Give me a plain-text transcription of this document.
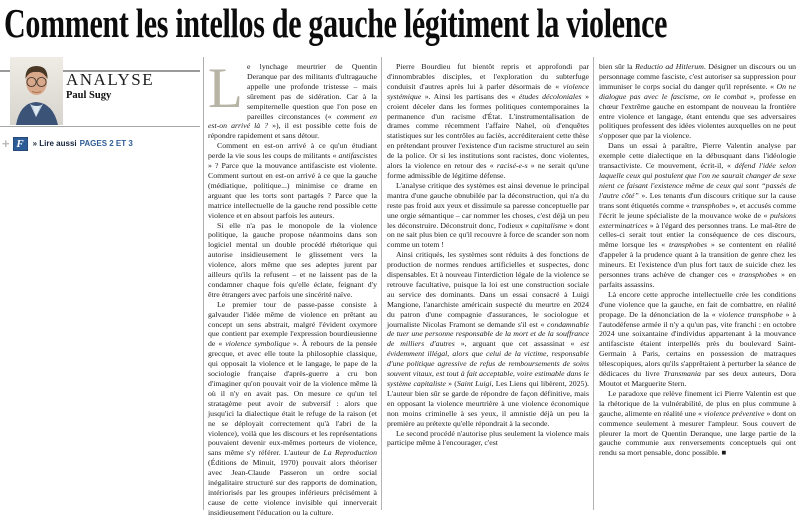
Comment les intellos de gauche légitiment la violence
ANALYSE
Paul Sugy
+ F	» Lire aussi PAGES 2 ET 3

Le lynchage meurtrier de Quentin Deranque par des militants d'ultragauche appelle une profonde tristesse – mais sûrement pas de sidération. Car à la sempiternelle question que l'on pose en pareilles circonstances (« comment en est-on arrivé là ? »), il est possible cette fois de répondre rapidement et sans détour.

Comment en est-on arrivé à ce qu'un étudiant perde la vie sous les coups de militants « antifascistes » ? Parce que la mouvance antifasciste est violente. Comment surtout en est-on arrivé à ce que la gauche (médiatique, politique...) minimise ce drame en arguant que les torts sont partagés ? Parce que la matrice intellectuelle de la gauche rend possible cette violence et en absout parfois les auteurs.

Si elle n'a pas le monopole de la violence politique, la gauche propose néanmoins dans son logiciel mental un double procédé rhétorique qui autorise insidieusement le glissement vers la violence, alors même que ses adeptes jurent par ailleurs qu'ils la refusent – et ne laissent pas de la condamner chaque fois qu'elle éclate, feignant d'y être étrangers avec parfois une sincérité naïve.

Le premier tour de passe-passe consiste à galvauder l'idée même de violence en prêtant au concept un sens abstrait, malgré l'évident oxymore que contient par exemple l'expression bourdieusienne de « violence symbolique ». À rebours de la pensée grecque, et avec elle toute la philosophie classique, qui opposait la violence et le langage, le pape de la sociologie française d'après-guerre a cru bon d'imaginer qu'on pouvait voir de la violence même là où il n'y en avait pas. On mesure ce qu'un tel stratagème peut avoir de subversif : alors que jusqu'ici la dialectique était le refuge de la raison (et ne se déployait correctement qu'à l'abri de la violence), voilà que les discours et les représentations pouvaient devenir eux-mêmes porteurs de violence, sans même s'y référer. L'auteur de La Reproduction (Éditions de Minuit, 1970) pouvait alors théoriser avec Jean-Claude Passeron un ordre social inégalitaire structuré sur des rapports de domination, intériorisés par les groupes inférieurs précisément à cause de cette violence invisible qui innerverait insidieusement l'éducation ou la culture.

Pierre Bourdieu fut bientôt repris et approfondi par d'innombrables disciples, et l'exploration du subterfuge conduisit d'autres après lui à parler désormais de « violence systémique ». Ainsi les partisans des « études décoloniales » croient déceler dans les formes politiques contemporaines la permanence d'un racisme d'État. L'instrumentalisation de drames comme récemment l'affaire Nahel, où d'enquêtes statistiques sur les contrôles au faciès, accréditeraient cette thèse en prétendant prouver l'existence d'un racisme structurel au sein de la police. Or si les institutions sont racistes, donc violentes, alors la violence en retour des « racisé-e-s » ne serait qu'une forme admissible de légitime défense.

L'analyse critique des systèmes est ainsi devenue le principal mantra d'une gauche obnubilée par la déconstruction, qui n'a du reste pas froid aux yeux et dissimule sa paresse conceptuelle par une orgie sémantique – car nommer les choses, c'est déjà un peu les déconstruire. Déconstruit donc, l'odieux « capitalisme » dont on ne sait plus bien ce qu'il recouvre à force de scander son nom comme un totem !

Ainsi critiqués, les systèmes sont réduits à des fonctions de production de normes rendues artificielles et suspectes, donc dispensables. Et à nouveau l'interdiction légale de la violence se retrouve facultative, puisque la loi est une construction sociale au service des dominants. Dans un essai consacré à Luigi Mangione, l'anarchiste américain suspecté du meurtre en 2024 du patron d'une compagnie d'assurances, le sociologue et journaliste Nicolas Framont se demande s'il est « condamnable de tuer une personne responsable de la mort et de la souffrance de milliers d'autres », arguant que cet assassinat « est évidemment illégal, alors que celui de la victime, responsable d'une politique agressive de refus de remboursements de soins souvent vitaux, est tout à fait acceptable, voire estimable dans le système capitaliste » (Saint Luigi, Les Liens qui libèrent, 2025). L'auteur bien sûr se garde de répondre de façon définitive, mais en opposant la violence meurtrière à une violence économique non moins criminelle à ses yeux, il amnistie déjà un peu la première au prétexte qu'elle répondrait à la seconde.

Le second procédé n'autorise plus seulement la violence mais participe même à l'encourager, c'est

bien sûr la Reductio ad Hitlerum. Désigner un discours ou un personnage comme fasciste, c'est autoriser sa suppression pour immuniser le corps social du danger qu'il représente. « On ne dialogue pas avec le fascisme, on le combat », professe en chœur l'extrême gauche en estompant de nouveau la frontière entre violence et langage, étant entendu que ses adversaires politiques professent des idées violentes auxquelles on ne peut s'opposer que par la violence.

Dans un essai à paraître, Pierre Valentin analyse par exemple cette dialectique en la débusquant dans l'idéologie transactiviste. Ce mouvement, écrit-il, « défend l'idée selon laquelle ceux qui postulent que l'on ne saurait changer de sexe nient ce faisant l'existence même de ceux qui sont “passés de l'autre côté” ». Les tenants d'un discours critique sur la cause trans sont étiquetés comme « transphobes », et accusés comme l'écrit le jeune spécialiste de la mouvance woke de « pulsions exterminatrices » à l'égard des personnes trans. Le mal-être de celles-ci serait tout entier la conséquence de ces discours, même lorsque les « transphobes » se contentent en réalité d'appeler à la prudence quant à la transition de genre chez les mineurs. Et l'existence d'un plus fort taux de suicide chez les personnes trans achève de changer ces « transphobes » en parfaits assassins.

Là encore cette approche intellectuelle crée les conditions d'une violence que la gauche, en fait de combattre, en réalité propage. De la dénonciation de la « violence transphobe » à l'autodéfense armée il n'y a qu'un pas, vite franchi : en octobre 2024 une soixantaine d'individus appartenant à la mouvance antifasciste étaient interpellés près du boulevard Saint-Germain à Paris, certains en possession de matraques télescopiques, alors qu'ils s'apprêtaient à perturber la séance de dédicaces du livre Transmania par ses deux auteurs, Dora Moutot et Marguerite Stern.

Le paradoxe que relève finement ici Pierre Valentin est que la rhétorique de la vulnérabilité, de plus en plus commune à gauche, alimente en réalité une « violence préventive » dont on commence seulement à mesurer l'ampleur. Sous couvert de pleurer la mort de Quentin Deranque, une large partie de la gauche communie aux renversements conceptuels qui ont rendu sa mort pensable, donc possible. ■
